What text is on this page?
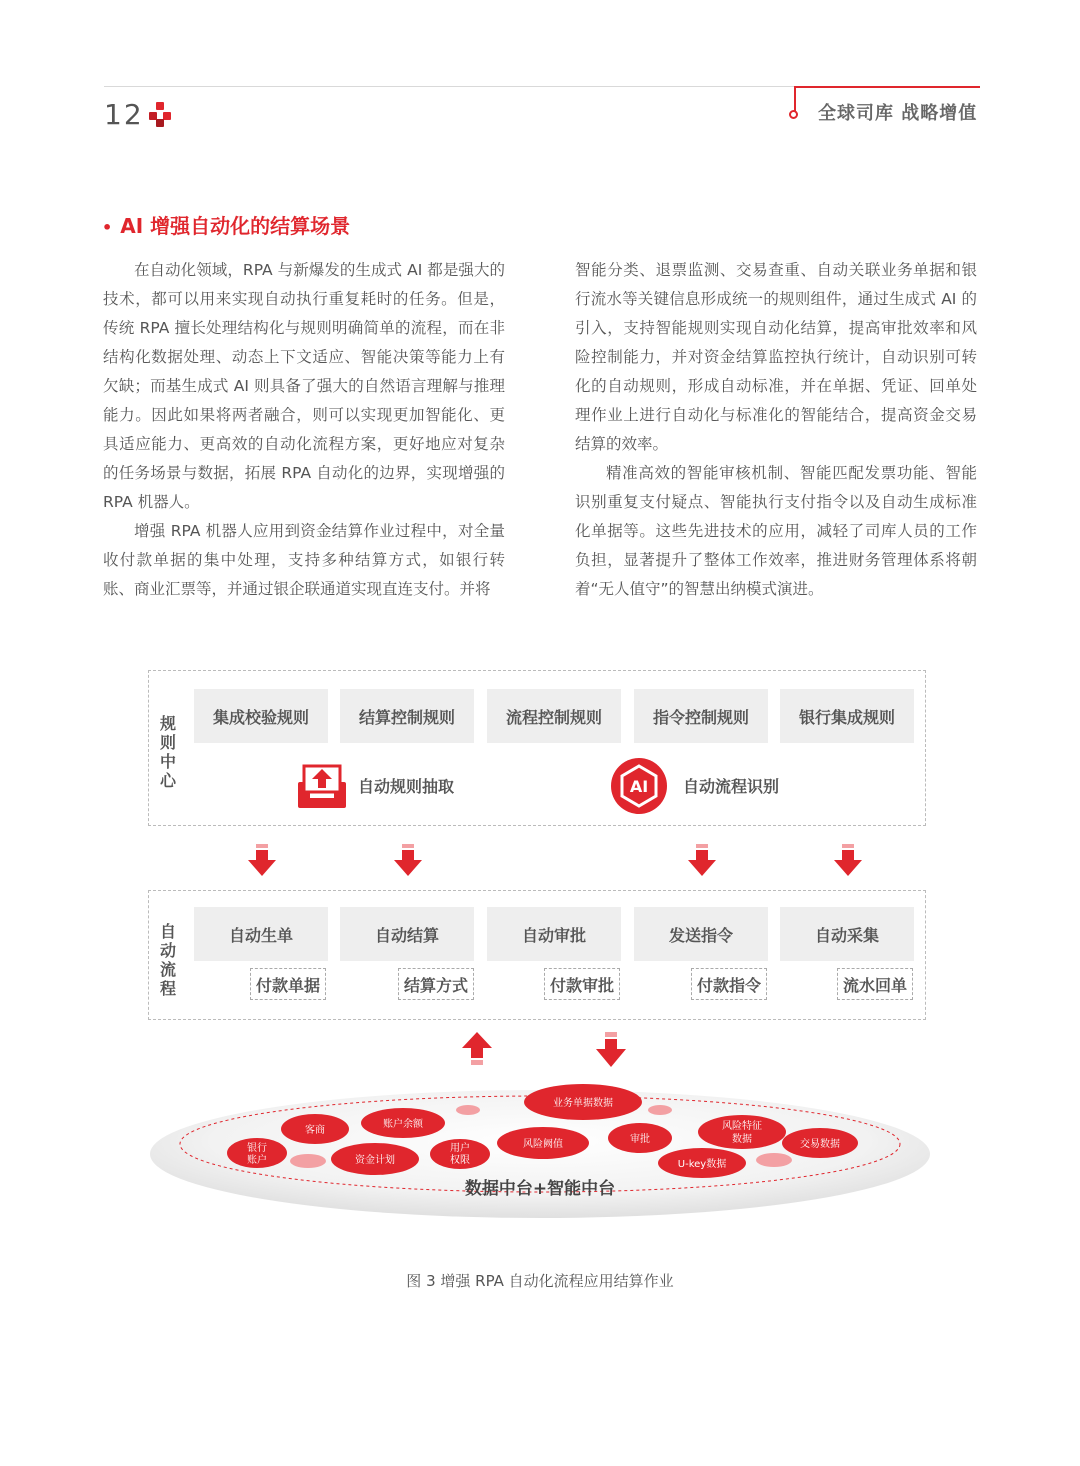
12	全球司库 战略增值
• AI 增强自动化的结算场景

在自动化领域，RPA 与新爆发的生成式 AI 都是强大的技术，都可以用来实现自动执行重复耗时的任务。但是，传统 RPA 擅长处理结构化与规则明确简单的流程，而在非结构化数据处理、动态上下文适应、智能决策等能力上有欠缺；而基生成式 AI 则具备了强大的自然语言理解与推理能力。因此如果将两者融合，则可以实现更加智能化、更具适应能力、更高效的自动化流程方案，更好地应对复杂的任务场景与数据，拓展 RPA 自动化的边界，实现增强的 RPA 机器人。

增强 RPA 机器人应用到资金结算作业过程中，对全量收付款单据的集中处理，支持多种结算方式，如银行转账、商业汇票等，并通过银企联通道实现直连支付。并将

智能分类、退票监测、交易查重、自动关联业务单据和银行流水等关键信息形成统一的规则组件，通过生成式 AI 的引入，支持智能规则实现自动化结算，提高审批效率和风险控制能力，并对资金结算监控执行统计，自动识别可转化的自动规则，形成自动标准，并在单据、凭证、回单处理作业上进行自动化与标准化的智能结合，提高资金交易结算的效率。

精准高效的智能审核机制、智能匹配发票功能、智能识别重复支付疑点、智能执行支付指令以及自动生成标准化单据等。这些先进技术的应用，减轻了司库人员的工作负担，显著提升了整体工作效率，推进财务管理体系将朝着“无人值守”的智慧出纳模式演进。

规
则
中
心
集成校验规则	结算控制规则	流程控制规则	指令控制规则	银行集成规则
自动规则抽取	AI 自动流程识别
自
动
流
程
自动生单	自动结算	自动审批	发送指令	自动采集
付款单据	结算方式	付款审批	付款指令	流水回单
银行
账户
客商
资金计划
账户余额
用户
权限
业务单据数据
风险阙值	审批
风险特征
数据
U-key数据
交易数据
数据中台+智能中台
图 3 增强 RPA 自动化流程应用结算作业
